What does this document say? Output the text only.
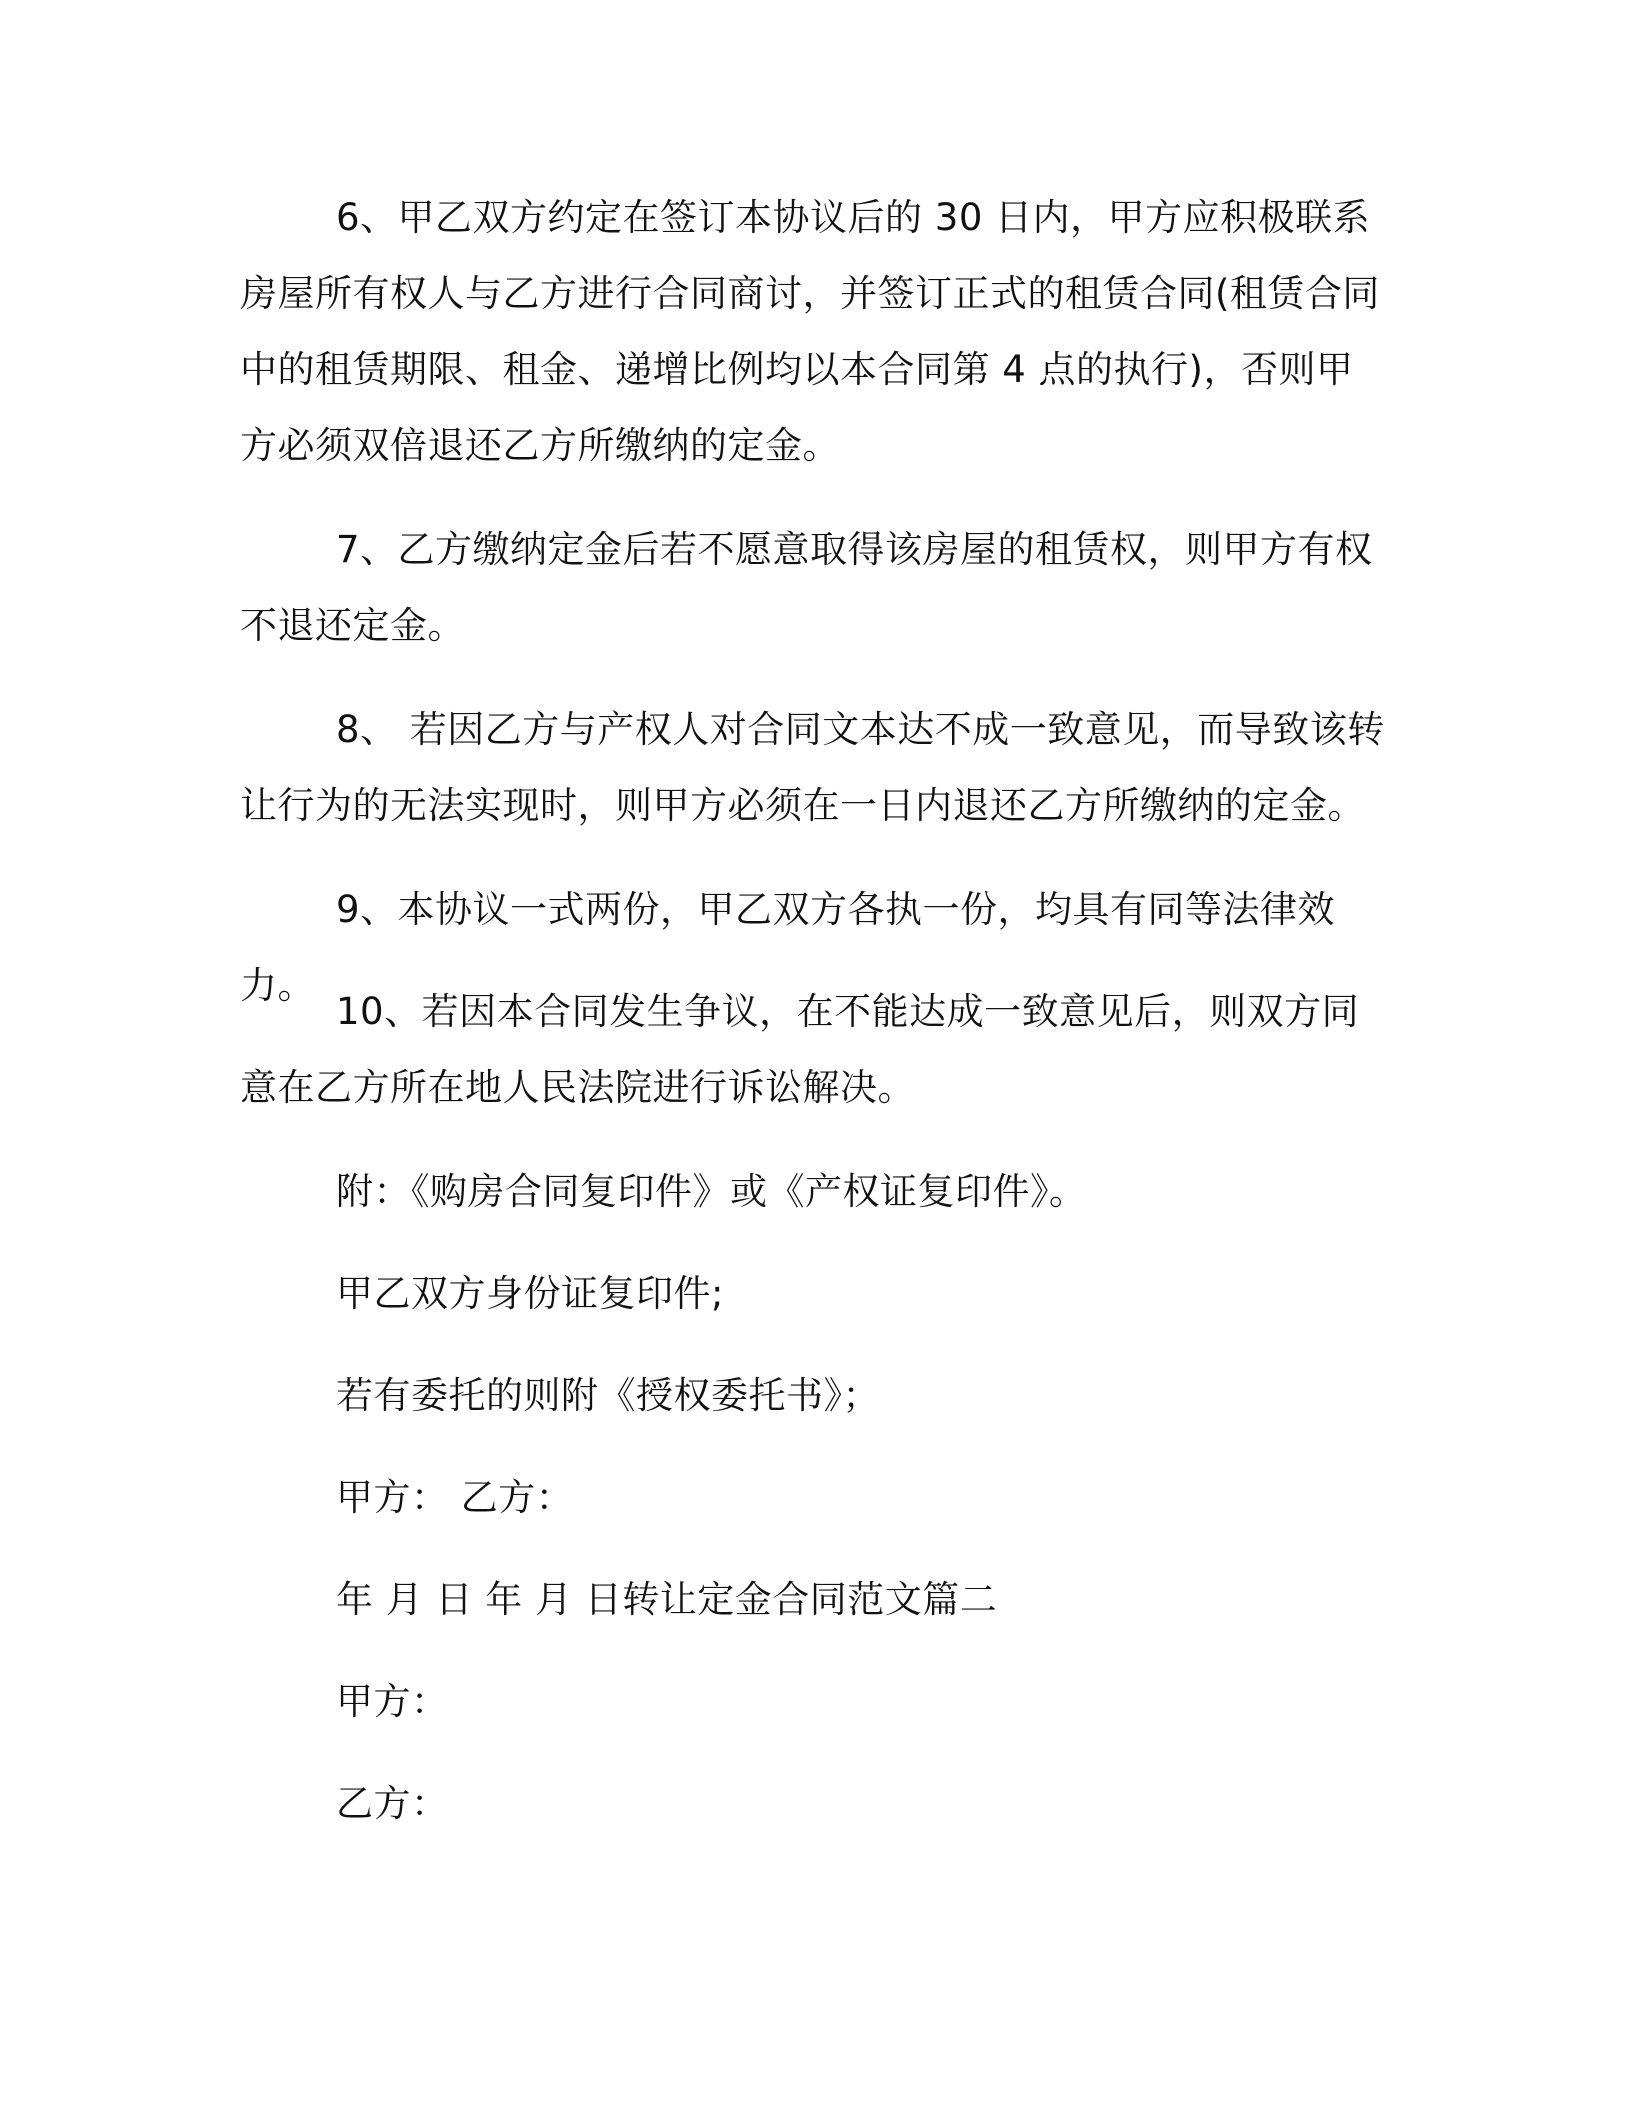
6、甲乙双方约定在签订本协议后的 30 日内，甲方应积极联系房屋所有权人与乙方进行合同商讨，并签订正式的租赁合同(租赁合同中的租赁期限、租金、递增比例均以本合同第 4 点的执行)，否则甲方必须双倍退还乙方所缴纳的定金。

7、乙方缴纳定金后若不愿意取得该房屋的租赁权，则甲方有权不退还定金。

8、 若因乙方与产权人对合同文本达不成一致意见，而导致该转让行为的无法实现时，则甲方必须在一日内退还乙方所缴纳的定金。

9、本协议一式两份，甲乙双方各执一份，均具有同等法律效力。

10、若因本合同发生争议，在不能达成一致意见后，则双方同意在乙方所在地人民法院进行诉讼解决。

附：《购房合同复印件》或《产权证复印件》。

甲乙双方身份证复印件;

若有委托的则附《授权委托书》；

甲方： 乙方：

年 月 日 年 月 日转让定金合同范文篇二

甲方：

乙方：
